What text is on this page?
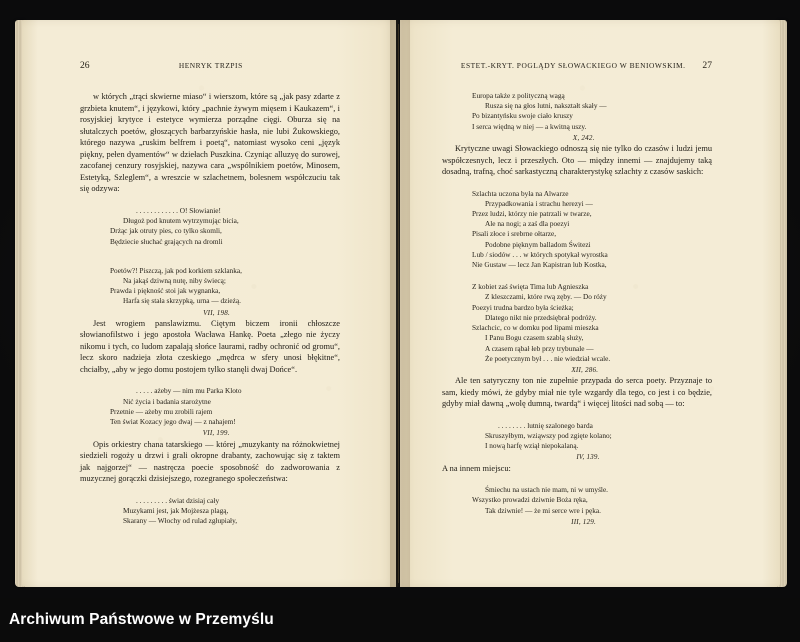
26	HENRYK TRZPIS

w których „trąci skwierne miaso“ i wierszom, które są „jak pasy zdarte z grzbieta knutem“, i językowi, który „pachnie żywym mięsem i Kaukazem“, i rosyjskiej krytyce i estetyce wymierza porządne cięgi. Oburza się na słutalczych poetów, głoszących barbarzyńskie hasła, nie lubi Żukowskiego, którego nazywa „ruskim belfrem i poetą“, natomiast wysoko ceni „język piękny, pełen dyamentów“ w dziełach Puszkina. Czyniąc alluzyę do surowej, zacofanej cenzury rosyjskiej, nazywa cara „wspólnikiem poetów, Minosem, Estetyką, Szleglem“, a wreszcie w szlachetnem, bolesnem współczuciu tak się odzywa:

. . . . . . . . . . . . O! Słowianie!
Długoż pod knutem wytrzymując bicia,
Drżąc jak otruty pies, co tylko skomli,
Będziecie słuchać grających na dromli
Poetów?! Piszczą, jak pod korkiem szklanka,
Na jakąś dziwną nutę, niby świecą;
Prawda i piękność stoi jak wygnanka,
Harfa się stała skrzypką, urna — dzieżą.
VII, 198.

Jest wrogiem panslawizmu. Ciętym biczem ironii chłoszcze słowianofilstwo i jego apostoła Wacława Hankę. Poeta „złego nie życzy nikomu i tych, co ludom zapalają słońce laurami, radby ochronić od gromu“, lecz skoro nadzieja złota czeskiego „mędrca w sfery unosi błękitne“, chciałby, „aby w jego domu postojem tylko stanęli dwaj Dońce“.

. . . . . ażeby — nim mu Parka Kloto
Nić życia i badania starożytne
Przetnie — ażeby mu zrobili rajem
Ten świat Kozacy jego dwaj — z nahajem!
VII, 199.

Opis orkiestry chana tatarskiego — której „muzykanty na różnokwietnej siedzieli rogoży u drzwi i grali okropne drabanty, zachowując się z taktem jak najgorzej“ — nastręcza poecie sposobność do zadworowania z muzycznej gorączki dzisiejszego, rozegranego społeczeństwa:

. . . . . . . . . świat dzisiaj cały
Muzykami jest, jak Mojżesza plagą,
Skarany — Włochy od rulad zgłupiały,
ESTET.-KRYT. POGLĄDY SŁOWACKIEGO W BENIOWSKIM.	27
Europa także z polityczną wagą
Rusza się na głos lutni, nakształt skały —
Po bizantyńsku swoje ciało kruszy
I serca więdną w niej — a kwitną uszy.
X, 242.

Krytyczne uwagi Słowackiego odnoszą się nie tylko do czasów i ludzi jemu współczesnych, lecz i przeszłych. Oto — między innemi — znajdujemy taką dosadną, trafną, choć sarkastyczną charakterystykę szlachty z czasów saskich:

Szlachta uczona była na Alwarze
Przypadkowania i strachu herezyi —
Przez ludzi, którzy nie patrzali w twarze,
Ale na nogi; a zaś dla poezyi
Pisali złoce i srebrne ołtarze,
Podobne pięknym balladom Świtezi
Lub / siodów . . . w których spotykał wyrostka
Nie Gustaw — lecz Jan Kapistran lub Kostka,
Z kobiet zaś święta Tima lub Agnieszka
Z kleszczami, które rwą zęby. — Do róży
Poezyi trudna bardzo była ścieżka;
Dlatego nikt nie przedsiębrał podróży.
Szlachcic, co w domku pod lipami mieszka
I Panu Bogu czasem szablą służy,
A czasem rąbał łeb przy trybunale —
Że poetycznym był . . . nie wiedział wcale.
XII, 286.

Ale ten satyryczny ton nie zupełnie przypada do serca poety. Przyznaje to sam, kiedy mówi, że gdyby miał nie tyle wzgardy dla tego, co jest i co będzie, gdyby miał dawną „wolę dumną, twardą“ i więcej litości nad sobą — to:

. . . . . . . . lutnię szalonego barda
Skruszyłbym, wziąwszy pod zgięte kolano;
I nową harfę wziął niepokalaną.
IV, 139.

A na innem miejscu:

Śmiechu na ustach nie mam, ni w umyśle.
Wszystko prowadzi dziwnie Boża ręka,
Tak dziwnie! — że mi serce wre i pęka.
III, 129.
Archiwum Państwowe w Przemyślu
